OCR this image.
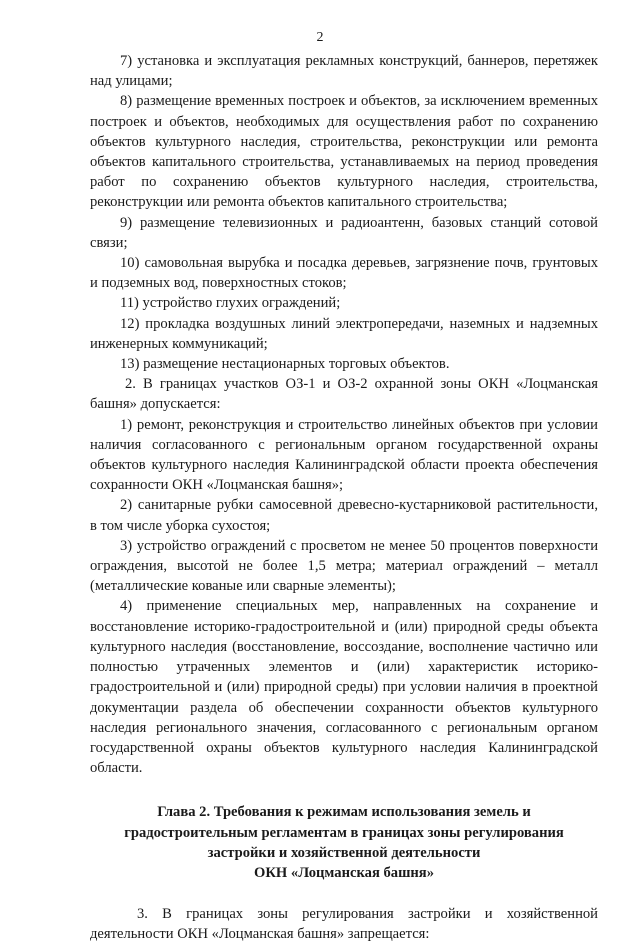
2

7) установка и эксплуатация рекламных конструкций, баннеров, перетяжек над улицами;

8) размещение временных построек и объектов, за исключением временных построек и объектов, необходимых для осуществления работ по сохранению объектов культурного наследия, строительства, реконструкции или ремонта объектов капитального строительства, устанавливаемых на период проведения работ по сохранению объектов культурного наследия, строительства, реконструкции или ремонта объектов капитального строительства;

9) размещение телевизионных и радиоантенн, базовых станций сотовой связи;

10) самовольная вырубка и посадка деревьев, загрязнение почв, грунтовых и подземных вод, поверхностных стоков;

11) устройство глухих ограждений;

12) прокладка воздушных линий электропередачи, наземных и надземных инженерных коммуникаций;

13) размещение нестационарных торговых объектов.

2. В границах участков ОЗ-1 и ОЗ-2 охранной зоны ОКН «Лоцманская башня» допускается:

1) ремонт, реконструкция и строительство линейных объектов при условии наличия согласованного с региональным органом государственной охраны объектов культурного наследия Калининградской области проекта обеспечения сохранности ОКН «Лоцманская башня»;

2) санитарные рубки самосевной древесно-кустарниковой растительности, в том числе уборка сухостоя;

3) устройство ограждений с просветом не менее 50 процентов поверхности ограждения, высотой не более 1,5 метра; материал ограждений – металл (металлические кованые или сварные элементы);

4) применение специальных мер, направленных на сохранение и восстановление историко-градостроительной и (или) природной среды объекта культурного наследия (восстановление, воссоздание, восполнение частично или полностью утраченных элементов и (или) характеристик историко-градостроительной и (или) природной среды) при условии наличия в проектной документации раздела об обеспечении сохранности объектов культурного наследия регионального значения, согласованного с региональным органом государственной охраны объектов культурного наследия Калининградской области.

Глава 2. Требования к режимам использования земель и
градостроительным регламентам в границах зоны регулирования
застройки и хозяйственной деятельности
ОКН «Лоцманская башня»

3. В границах зоны регулирования застройки и хозяйственной деятельности ОКН «Лоцманская башня» запрещается:
